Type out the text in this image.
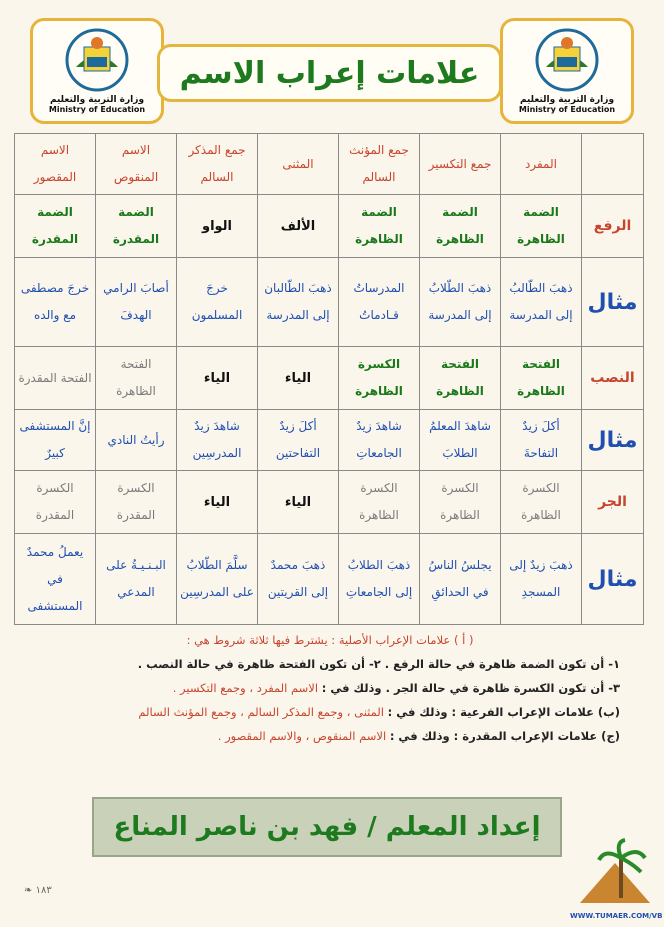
وزارة التربية والتعليم
Ministry of Education
وزارة التربية والتعليم
Ministry of Education
علامات إعراب الاسم
	المفرد	جمع التكسير	جمع المؤنث السالم	المثنى	جمع المذكر السالم	الاسم المنقوص	الاسم المقصور
الرفع	الضمة الظاهرة	الضمة الظاهرة	الضمة الظاهرة	الألف	الواو	الضمة المقدرة	الضمة المقدرة
مثال	ذهبَ الطّالبُ إلى المدرسة	ذهبَ الطّلابُ إلى المدرسة	المدرساتُ قـادماتُ	ذهبَ الطّالبان إلى المدرسة	خرجَ المسلمون	أصابَ الرامي الهدفَ	خرجَ مصطفى مع والده
النصب	الفتحة الظاهرة	الفتحة الظاهرة	الكسرة الظاهرة	الياء	الياء	الفتحة الظاهرة	الفتحة المقدرة
مثال	أكلَ زيدٌ التفاحةَ	شاهدَ المعلمُ الطلابَ	شاهدَ زيدٌ الجامعاتِ	أكلَ زيدٌ التفاحتين	شاهدَ زيدٌ المدرسِين	رأيتُ النادي	إنَّ المستشفى كبيرٌ
الجر	الكسرة الظاهرة	الكسرة الظاهرة	الكسرة الظاهرة	الياء	الياء	الكسرة المقدرة	الكسرة المقدرة
مثال	ذهبَ زيدٌ إلى المسجدِ	يجلسُ الناسُ في الحدائقِ	ذهبَ الطلابُ إلى الجامعاتِ	ذهبَ محمدٌ إلى القريتين	سلَّمَ الطّلابُ على المدرسِين	البـنـيـةُ على المدعي	يعملُ محمدٌ في المستشفى
( أ ) علامات الإعراب الأصلية : يشترط فيها ثلاثة شروط هي :
١- أن تكون الضمة ظاهرة في حالة الرفع . ٢- أن تكون الفتحة ظاهرة في حالة النصب .
٣- أن تكون الكسرة ظاهرة في حالة الجر . وذلك في : الاسم المفرد ، وجمع التكسير .
(ب) علامات الإعراب الفرعية : وذلك في : المثنى ، وجمع المذكر السالم ، وجمع المؤنث السالم
(ج) علامات الإعراب المقدرة : وذلك في : الاسم المنقوص ، والاسم المقصور .
إعداد المعلم / فهد بن ناصر المناع
❧ ١٨٣
WWW.TUMAER.COM/VB
